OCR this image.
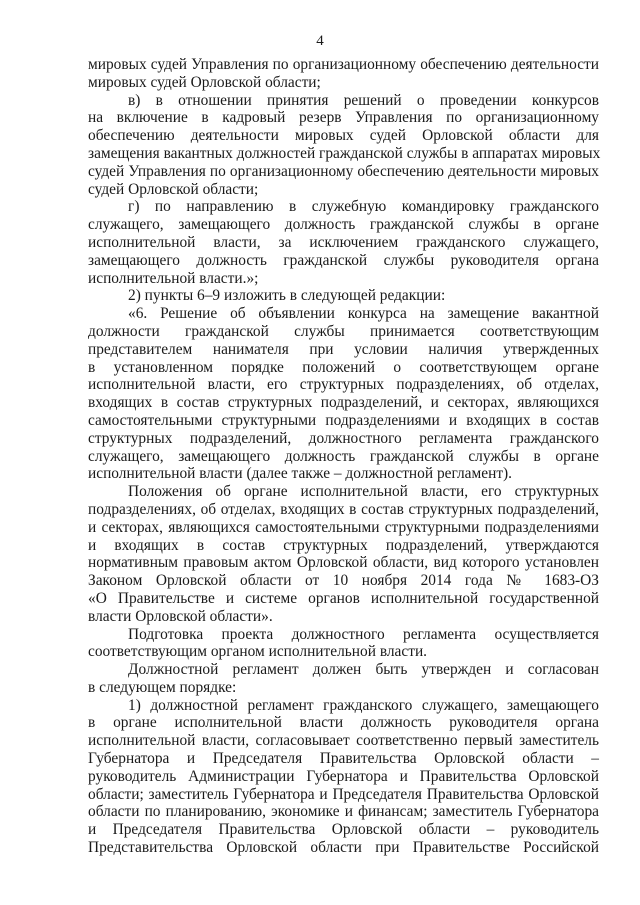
4
мировых судей Управления по организационному обеспечению деятельности
мировых судей Орловской области;
в) в отношении принятия решений о проведении конкурсов
на включение в кадровый резерв Управления по организационному
обеспечению деятельности мировых судей Орловской области для
замещения вакантных должностей гражданской службы в аппаратах мировых
судей Управления по организационному обеспечению деятельности мировых
судей Орловской области;
г) по направлению в служебную командировку гражданского
служащего, замещающего должность гражданской службы в органе
исполнительной власти, за исключением гражданского служащего,
замещающего должность гражданской службы руководителя органа
исполнительной власти.»;
2) пункты 6–9 изложить в следующей редакции:
«6. Решение об объявлении конкурса на замещение вакантной
должности гражданской службы принимается соответствующим
представителем нанимателя при условии наличия утвержденных
в установленном порядке положений о соответствующем органе
исполнительной власти, его структурных подразделениях, об отделах,
входящих в состав структурных подразделений, и секторах, являющихся
самостоятельными структурными подразделениями и входящих в состав
структурных подразделений, должностного регламента гражданского
служащего, замещающего должность гражданской службы в органе
исполнительной власти (далее также – должностной регламент).
Положения об органе исполнительной власти, его структурных
подразделениях, об отделах, входящих в состав структурных подразделений,
и секторах, являющихся самостоятельными структурными подразделениями
и входящих в состав структурных подразделений, утверждаются
нормативным правовым актом Орловской области, вид которого установлен
Законом Орловской области от 10 ноября 2014 года № 1683-ОЗ
«О Правительстве и системе органов исполнительной государственной
власти Орловской области».
Подготовка проекта должностного регламента осуществляется
соответствующим органом исполнительной власти.
Должностной регламент должен быть утвержден и согласован
в следующем порядке:
1) должностной регламент гражданского служащего, замещающего
в органе исполнительной власти должность руководителя органа
исполнительной власти, согласовывает соответственно первый заместитель
Губернатора и Председателя Правительства Орловской области –
руководитель Администрации Губернатора и Правительства Орловской
области; заместитель Губернатора и Председателя Правительства Орловской
области по планированию, экономике и финансам; заместитель Губернатора
и Председателя Правительства Орловской области – руководитель
Представительства Орловской области при Правительстве Российской
